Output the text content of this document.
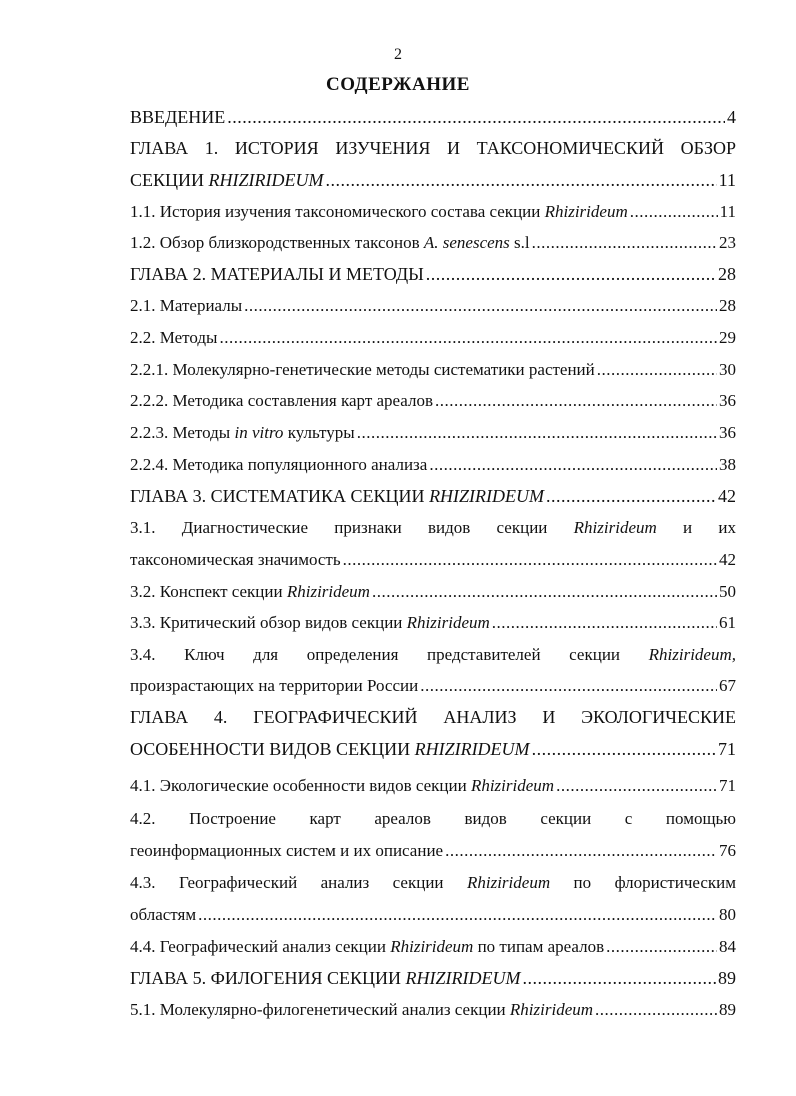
2
СОДЕРЖАНИЕ
ВВЕДЕНИЕ .....	4
ГЛАВА 1. ИСТОРИЯ ИЗУЧЕНИЯ И ТАКСОНОМИЧЕСКИЙ ОБЗОР
СЕКЦИИ RHIZIRIDEUM .....	11
1.1. История изучения таксономического состава секции Rhizirideum .....	11
1.2. Обзор близкородственных таксонов A. senescens s.l .....	23
ГЛАВА 2. МАТЕРИАЛЫ И МЕТОДЫ .....	28
2.1. Материалы .....	28
2.2. Методы .....	29
2.2.1. Молекулярно-генетические методы систематики растений .....	30
2.2.2. Методика составления карт ареалов .....	36
2.2.3. Методы in vitro культуры .....	36
2.2.4. Методика популяционного анализа .....	38
ГЛАВА 3. СИСТЕМАТИКА СЕКЦИИ RHIZIRIDEUM .....	42
3.1. Диагностические признаки видов секции Rhizirideum и их
таксономическая значимость .....	42
3.2. Конспект секции Rhizirideum .....	50
3.3. Критический обзор видов секции Rhizirideum .....	61
3.4. Ключ для определения представителей секции Rhiziridеum,
произрастающих на территории России .....	67
ГЛАВА 4. ГЕОГРАФИЧЕСКИЙ АНАЛИЗ И ЭКОЛОГИЧЕСКИЕ
ОСОБЕННОСТИ ВИДОВ СЕКЦИИ RHIZIRIDEUM .....	71
4.1. Экологические особенности видов секции Rhizirideum .....	71
4.2. Построение карт ареалов видов секции с помощью
геоинформационных систем и их описание .....	76
4.3. Географический анализ секции Rhizirideum по флористическим
областям .....	80
4.4. Географический анализ секции Rhizirideum по типам ареалов .....	84
ГЛАВА 5. ФИЛОГЕНИЯ СЕКЦИИ RHIZIRIDEUM .....	89
5.1. Молекулярно-филогенетический анализ секции Rhizirideum .....	89
